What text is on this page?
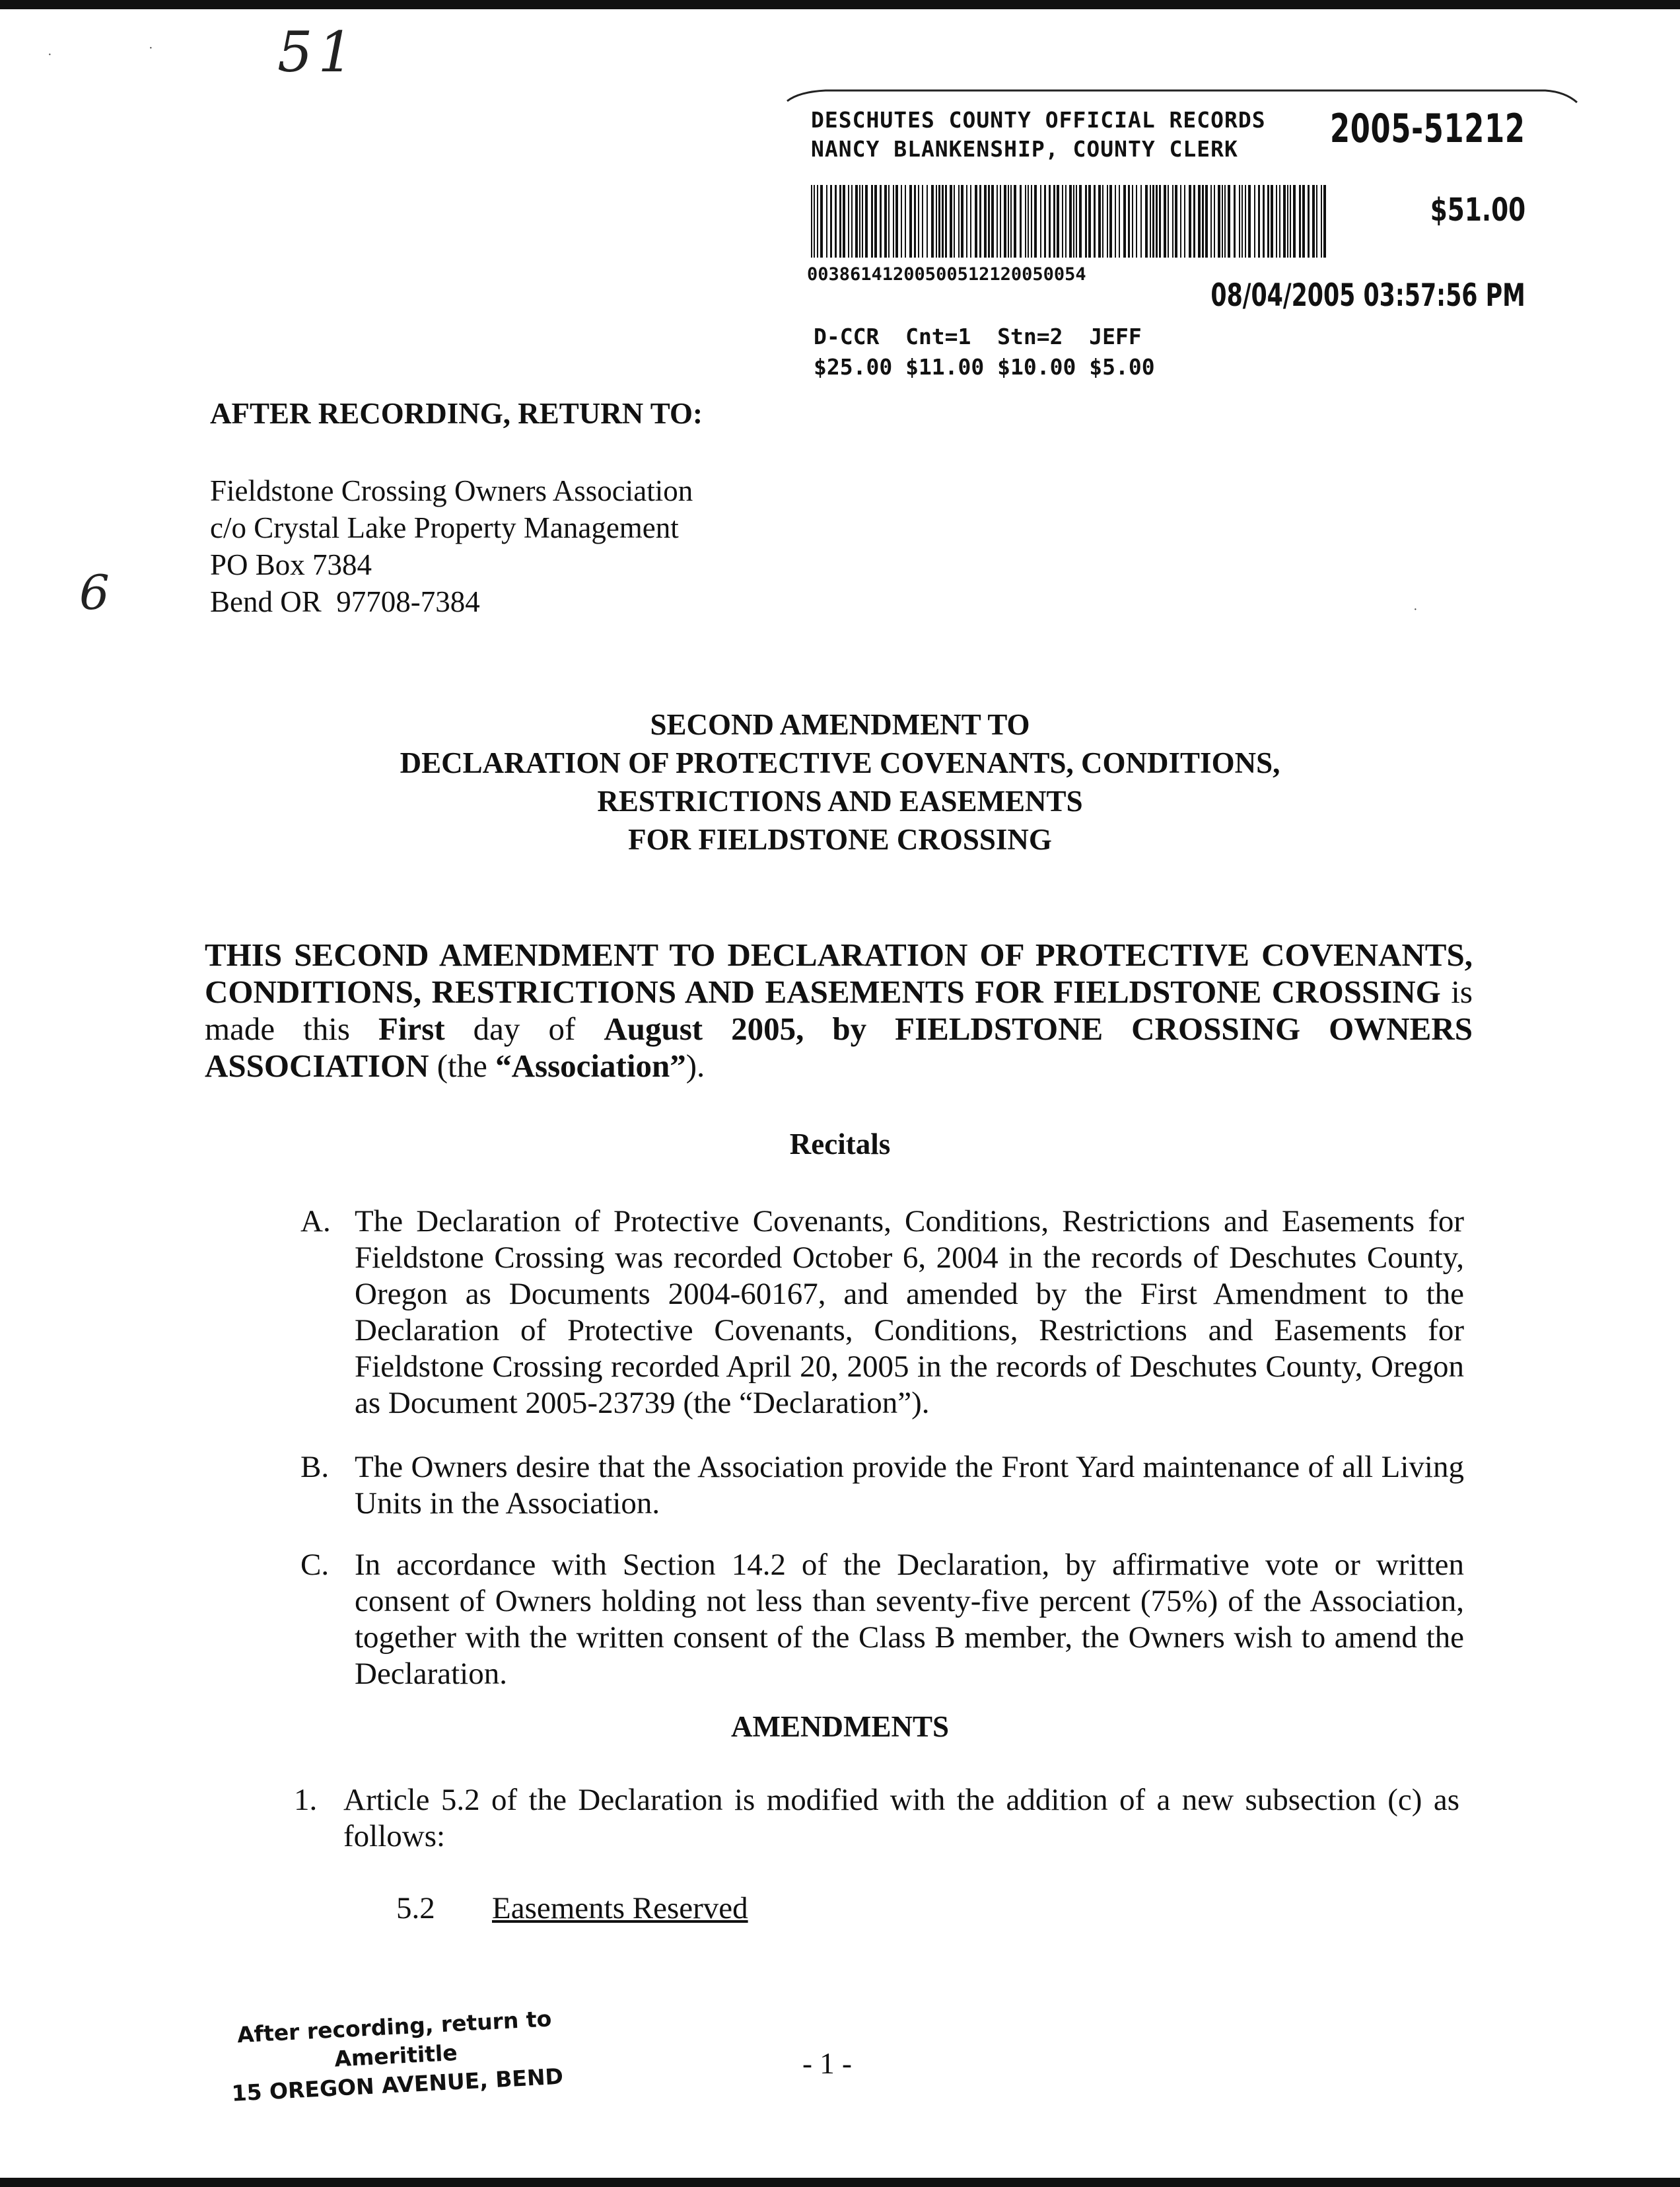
51
6
·	·
·
DESCHUTES COUNTY OFFICIAL RECORDS
NANCY BLANKENSHIP, COUNTY CLERK 2005-51212
$51.00
00386141200500512120050054
08/04/2005 03:57:56 PM
D-CCR  Cnt=1  Stn=2  JEFF
$25.00 $11.00 $10.00 $5.00
AFTER RECORDING, RETURN TO:
Fieldstone Crossing Owners Association
c/o Crystal Lake Property Management
PO Box 7384
Bend OR  97708-7384
SECOND AMENDMENT TO
DECLARATION OF PROTECTIVE COVENANTS, CONDITIONS,
RESTRICTIONS AND EASEMENTS
FOR FIELDSTONE CROSSING
THIS SECOND AMENDMENT TO DECLARATION OF PROTECTIVE COVENANTS, CONDITIONS, RESTRICTIONS AND EASEMENTS FOR FIELDSTONE CROSSING is made this First day of August 2005, by FIELDSTONE CROSSING OWNERS ASSOCIATION (the “Association”).
Recitals
A. The Declaration of Protective Covenants, Conditions, Restrictions and Easements for Fieldstone Crossing was recorded October 6, 2004 in the records of Deschutes County, Oregon as Documents 2004-60167, and amended by the First Amendment to the Declaration of Protective Covenants, Conditions, Restrictions and Easements for Fieldstone Crossing recorded April 20, 2005 in the records of Deschutes County, Oregon as Document 2005-23739 (the “Declaration”).
B. The Owners desire that the Association provide the Front Yard maintenance of all Living Units in the Association.
C. In accordance with Section 14.2 of the Declaration, by affirmative vote or written consent of Owners holding not less than seventy-five percent (75%) of the Association, together with the written consent of the Class B member, the Owners wish to amend the Declaration.
AMENDMENTS
1. Article 5.2 of the Declaration is modified with the addition of a new subsection (c) as follows:
5.2 Easements Reserved
After recording, return to
Amerititle
15 OREGON AVENUE, BEND	- 1 -
